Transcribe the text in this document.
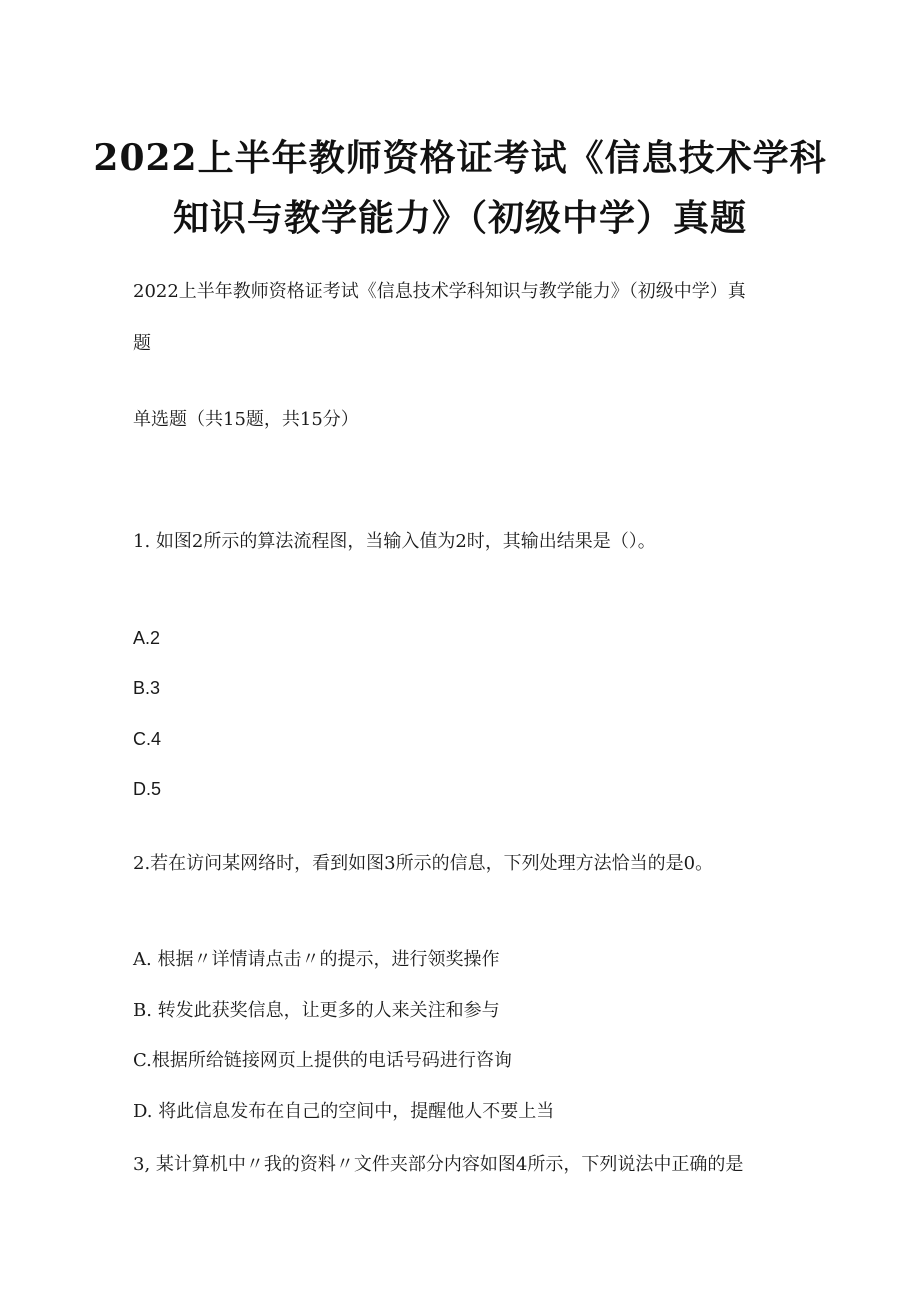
2022上半年教师资格证考试《信息技术学科
知识与教学能力》（初级中学）真题
2022上半年教师资格证考试《信息技术学科知识与教学能力》（初级中学）真
题
单选题（共15题，共15分）
1. 如图2所示的算法流程图，当输入值为2时，其输出结果是（）。
A.2
B.3
C.4
D.5
2.若在访问某网络时，看到如图3所示的信息，下列处理方法恰当的是0。
A. 根据〃详情请点击〃的提示，进行领奖操作
B. 转发此获奖信息，让更多的人来关注和参与
C.根据所给链接网页上提供的电话号码进行咨询
D. 将此信息发布在自己的空间中，提醒他人不要上当
3, 某计算机中〃我的资料〃文件夹部分内容如图4所示，下列说法中正确的是
